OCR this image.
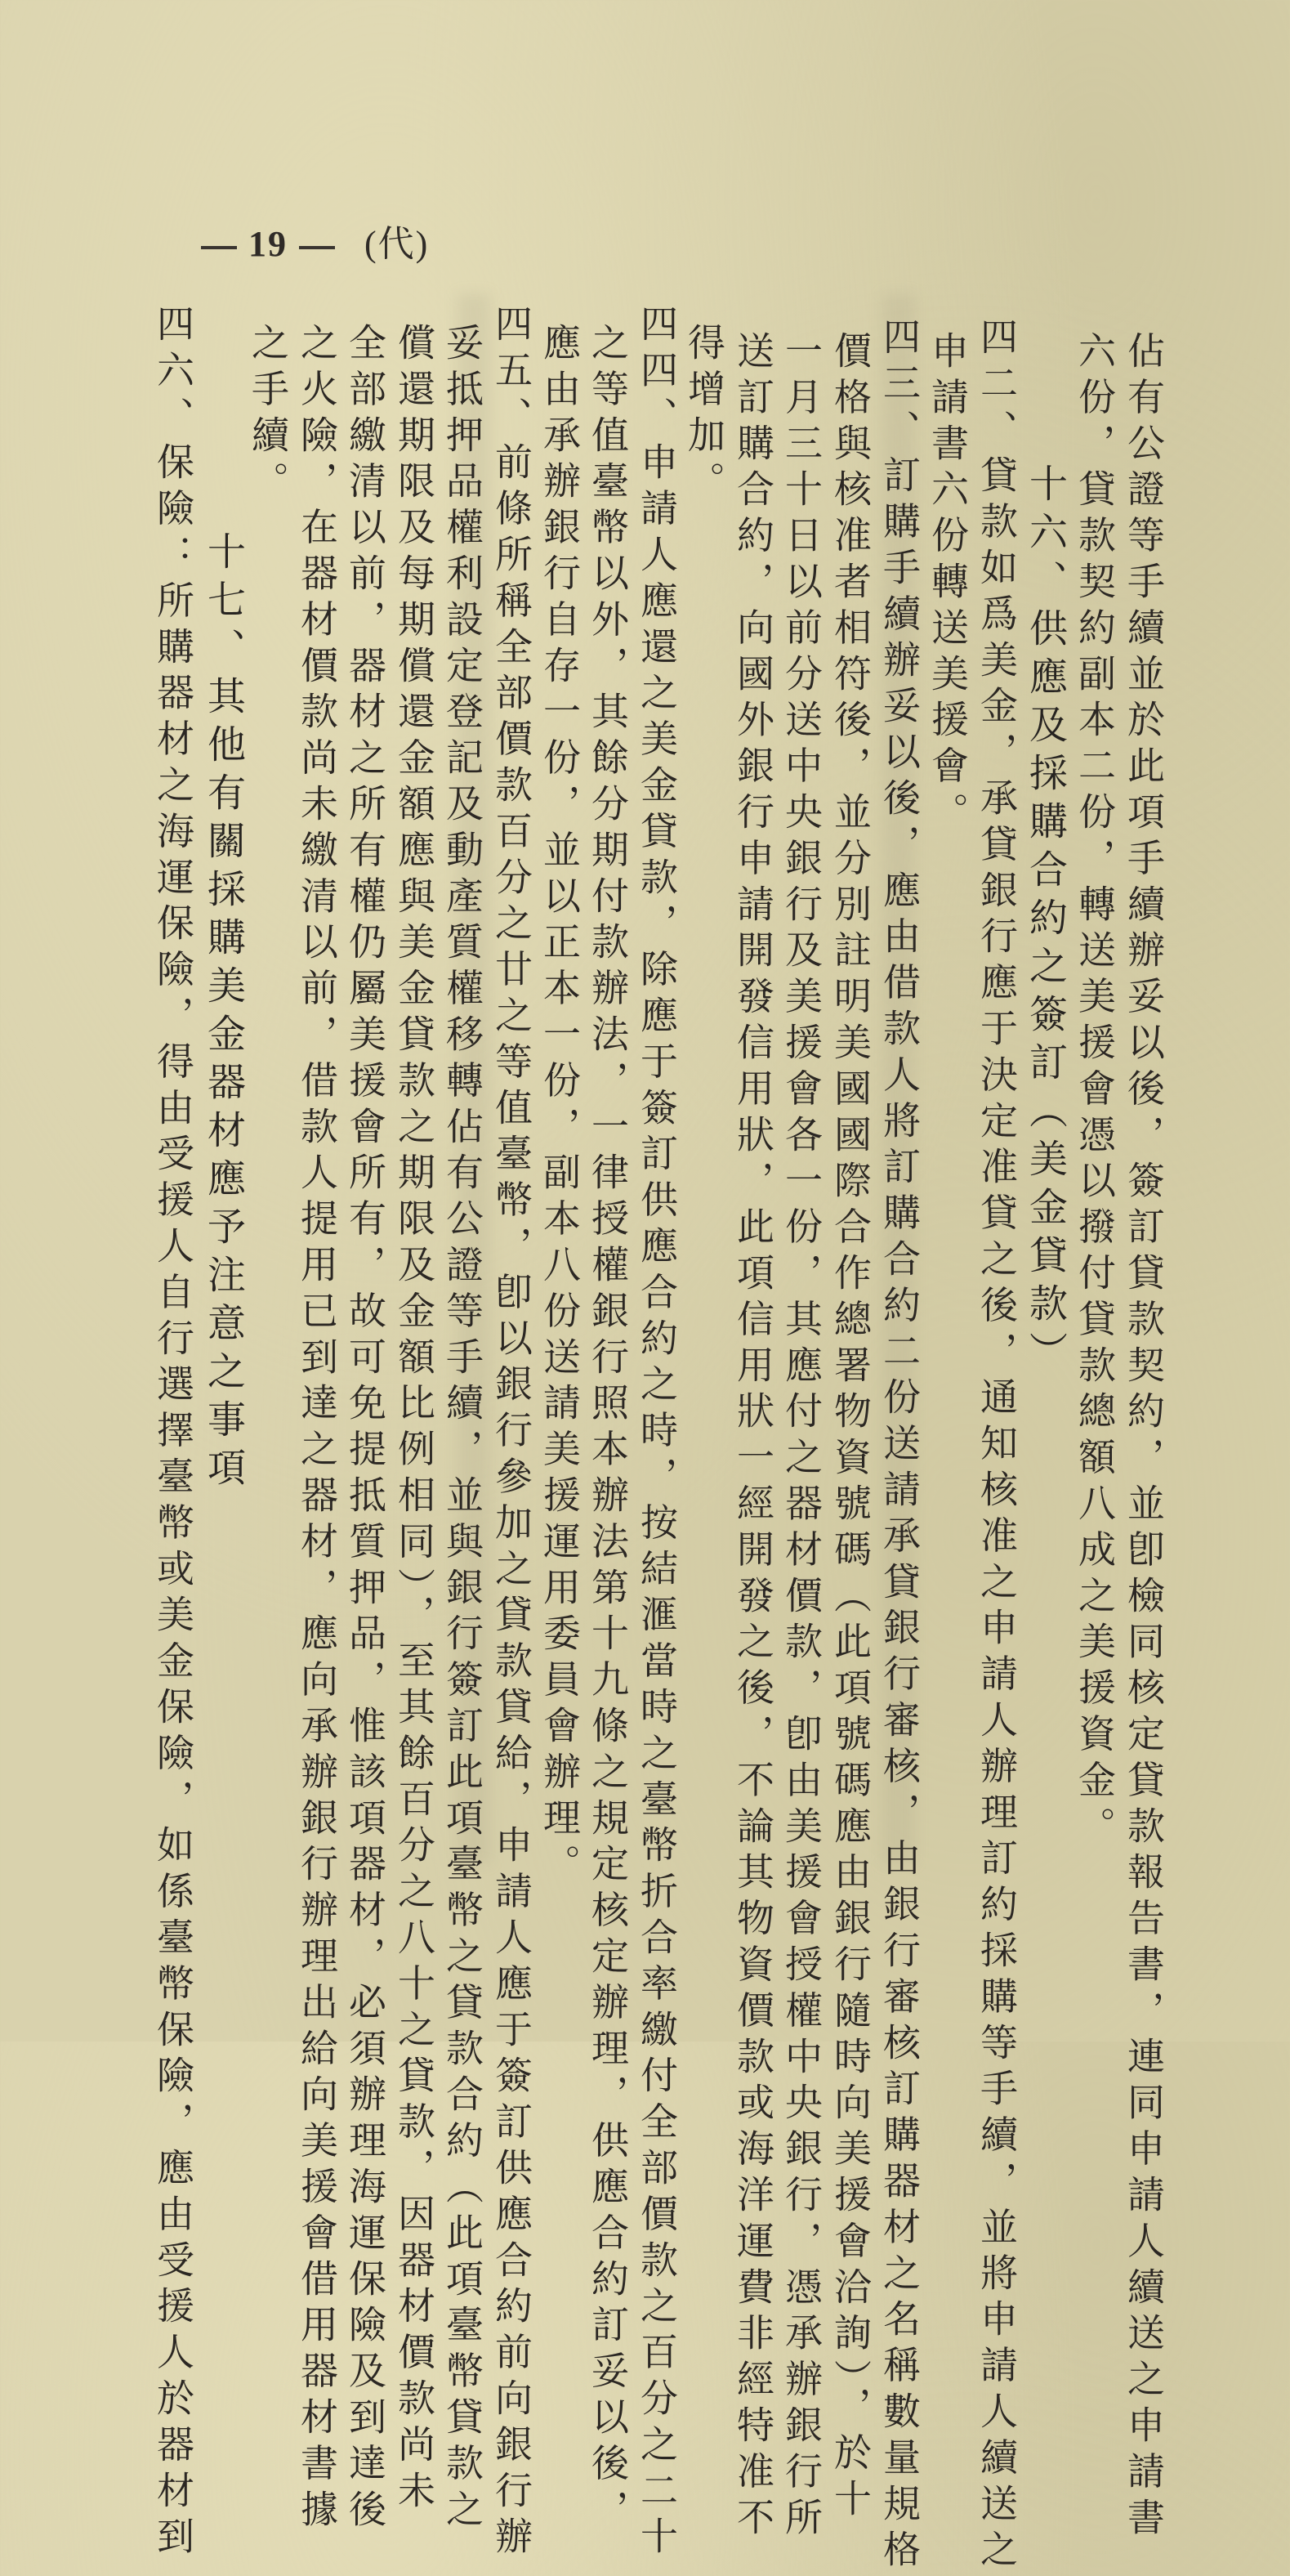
19 (代)
佔有公證等手續並於此項手續辦妥以後，簽訂貸款契約，並卽檢同核定貸款報告書，連同申請人續送之申請書
六份，貸款契約副本二份，轉送美援會憑以撥付貸款總額八成之美援資金。
十六、供應及採購合約之簽訂（美金貸款）
四二、貸款如爲美金，承貸銀行應于決定准貸之後，通知核准之申請人辦理訂約採購等手續，並將申請人續送之
申請書六份轉送美援會。
四三、訂購手續辦妥以後，應由借款人將訂購合約二份送請承貸銀行審核，由銀行審核訂購器材之名稱數量規格
價格與核准者相符後，並分別註明美國國際合作總署物資號碼（此項號碼應由銀行隨時向美援會洽詢），於十
一月三十日以前分送中央銀行及美援會各一份，其應付之器材價款，卽由美援會授權中央銀行，憑承辦銀行所
送訂購合約，向國外銀行申請開發信用狀，此項信用狀一經開發之後，不論其物資價款或海洋運費非經特准不
得增加。
四四、申請人應還之美金貸款，除應于簽訂供應合約之時，按結滙當時之臺幣折合率繳付全部價款之百分之二十
之等值臺幣以外，其餘分期付款辦法，一律授權銀行照本辦法第十九條之規定核定辦理，供應合約訂妥以後，
應由承辦銀行自存一份，並以正本一份，副本八份送請美援運用委員會辦理。
四五、前條所稱全部價款百分之廿之等值臺幣，卽以銀行參加之貸款貸給，申請人應于簽訂供應合約前向銀行辦
妥抵押品權利設定登記及動產質權移轉佔有公證等手續，並與銀行簽訂此項臺幣之貸款合約（此項臺幣貸款之
償還期限及每期償還金額應與美金貸款之期限及金額比例相同），至其餘百分之八十之貸款，因器材價款尚未
全部繳清以前，器材之所有權仍屬美援會所有，故可免提抵質押品，惟該項器材，必須辦理海運保險及到達後
之火險，在器材價款尚未繳清以前，借款人提用已到達之器材，應向承辦銀行辦理出給向美援會借用器材書據
之手續。
十七、其他有關採購美金器材應予注意之事項
四六、保險：所購器材之海運保險，得由受援人自行選擇臺幣或美金保險，如係臺幣保險，應由受援人於器材到
